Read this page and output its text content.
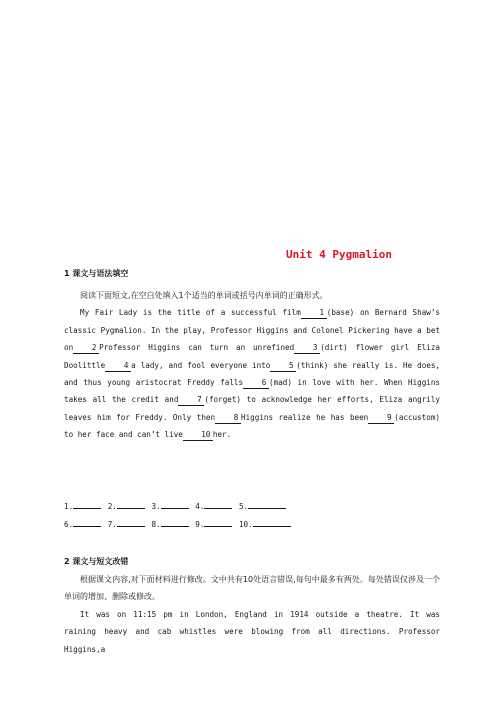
Unit 4 Pygmalion
1 课文与语法填空

阅读下面短文,在空白处填入1个适当的单词或括号内单词的正确形式。

My Fair Lady is the title of a successful film 1 (base) on Bernard Shaw’s classic Pygmalion. In the play, Professor Higgins and Colonel Pickering have a bet on 2 Professor Higgins can turn an unrefined 3 (dirt) flower girl Eliza Doolittle 4 a lady, and fool everyone into 5 (think) she really is. He does, and thus young aristocrat Freddy falls 6 (mad) in love with her. When Higgins takes all the credit and 7 (forget) to acknowledge her efforts, Eliza angrily leaves him for Freddy. Only then 8 Higgins realize he has been 9 (accustom) to her face and can’t live 10 her.

1.	2.	3.	4.	5.
6.	7.	8.	9.	10.
2 课文与短文改错

根据课文内容,对下面材料进行修改。文中共有10处语言错误,每句中最多有两处。每处错误仅涉及一个单词的增加、删除或修改。

It was on 11:15 pm in London, England in 1914 outside a theatre. It was raining heavy and cab whistles were blowing from all directions. Professor Higgins,a
